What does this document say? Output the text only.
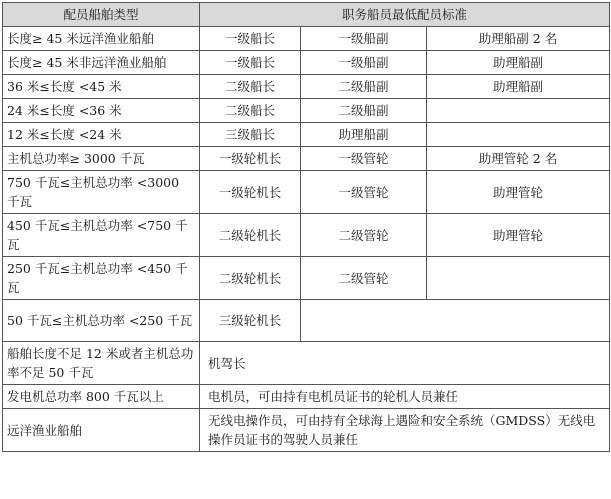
配员船舶类型	职务船员最低配员标准		
长度≥ 45 米远洋渔业船舶	一级船长	一级船副	助理船副 2 名
长度≥ 45 米非远洋渔业船舶	一级船长	一级船副	助理船副
36 米≤长度 <45 米	二级船长	二级船副	助理船副
24 米≤长度 <36 米	二级船长	二级船副	
12 米≤长度 <24 米	三级船长	助理船副	
主机总功率≥ 3000 千瓦	一级轮机长	一级管轮	助理管轮 2 名
750 千瓦≤主机总功率 <3000 千瓦	一级轮机长	一级管轮	助理管轮
450 千瓦≤主机总功率 <750 千瓦	二级轮机长	二级管轮	助理管轮
250 千瓦≤主机总功率 <450 千瓦	二级轮机长	二级管轮	
50 千瓦≤主机总功率 <250 千瓦	三级轮机长		
船舶长度不足 12 米或者主机总功率不足 50 千瓦	机驾长		
发电机总功率 800 千瓦以上	电机员，可由持有电机员证书的轮机人员兼任		
远洋渔业船舶	无线电操作员，可由持有全球海上遇险和安全系统（GMDSS）无线电操作员证书的驾驶人员兼任		
